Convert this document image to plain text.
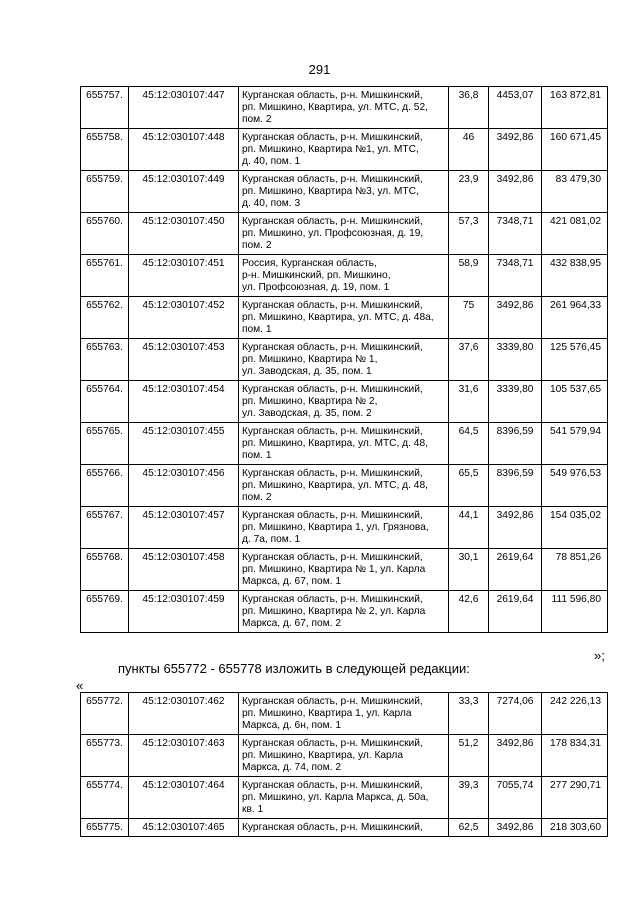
291
655757.	45:12:030107:447	Курганская область, р-н. Мишкинский,
рп. Мишкино, Квартира, ул. МТС, д. 52,
пом. 2	36,8	4453,07	163 872,81
655758.	45:12:030107:448	Курганская область, р-н. Мишкинский,
рп. Мишкино, Квартира №1, ул. МТС,
д. 40, пом. 1	46	3492,86	160 671,45
655759.	45:12:030107:449	Курганская область, р-н. Мишкинский,
рп. Мишкино, Квартира №3, ул. МТС,
д. 40, пом. 3	23,9	3492,86	83 479,30
655760.	45:12:030107:450	Курганская область, р-н. Мишкинский,
рп. Мишкино, ул. Профсоюзная, д. 19,
пом. 2	57,3	7348,71	421 081,02
655761.	45:12:030107:451	Россия, Курганская область,
р-н. Мишкинский, рп. Мишкино,
ул. Профсоюзная, д. 19, пом. 1	58,9	7348,71	432 838,95
655762.	45:12:030107:452	Курганская область, р-н. Мишкинский,
рп. Мишкино, Квартира, ул. МТС, д. 48а,
пом. 1	75	3492,86	261 964,33
655763.	45:12:030107:453	Курганская область, р-н. Мишкинский,
рп. Мишкино, Квартира № 1,
ул. Заводская, д. 35, пом. 1	37,6	3339,80	125 576,45
655764.	45:12:030107:454	Курганская область, р-н. Мишкинский,
рп. Мишкино, Квартира № 2,
ул. Заводская, д. 35, пом. 2	31,6	3339,80	105 537,65
655765.	45:12:030107:455	Курганская область, р-н. Мишкинский,
рп. Мишкино, Квартира, ул. МТС, д. 48,
пом. 1	64,5	8396,59	541 579,94
655766.	45:12:030107:456	Курганская область, р-н. Мишкинский,
рп. Мишкино, Квартира, ул. МТС, д. 48,
пом. 2	65,5	8396,59	549 976,53
655767.	45:12:030107:457	Курганская область, р-н. Мишкинский,
рп. Мишкино, Квартира 1, ул. Грязнова,
д. 7а, пом. 1	44,1	3492,86	154 035,02
655768.	45:12:030107:458	Курганская область, р-н. Мишкинский,
рп. Мишкино, Квартира № 1, ул. Карла
Маркса, д. 67, пом. 1	30,1	2619,64	78 851,26
655769.	45:12:030107:459	Курганская область, р-н. Мишкинский,
рп. Мишкино, Квартира № 2, ул. Карла
Маркса, д. 67, пом. 2	42,6	2619,64	111 596,80
»;
пункты 655772 - 655778 изложить в следующей редакции:
«
655772.	45:12:030107:462	Курганская область, р-н. Мишкинский,
рп. Мишкино, Квартира 1, ул. Карла
Маркса, д. 6н, пом. 1	33,3	7274,06	242 226,13
655773.	45:12:030107:463	Курганская область, р-н. Мишкинский,
рп. Мишкино, Квартира, ул. Карла
Маркса, д. 74, пом. 2	51,2	3492,86	178 834,31
655774.	45:12:030107:464	Курганская область, р-н. Мишкинский,
рп. Мишкино, ул. Карла Маркса, д. 50а,
кв. 1	39,3	7055,74	277 290,71
655775.	45:12:030107:465	Курганская область, р-н. Мишкинский,	62,5	3492,86	218 303,60
